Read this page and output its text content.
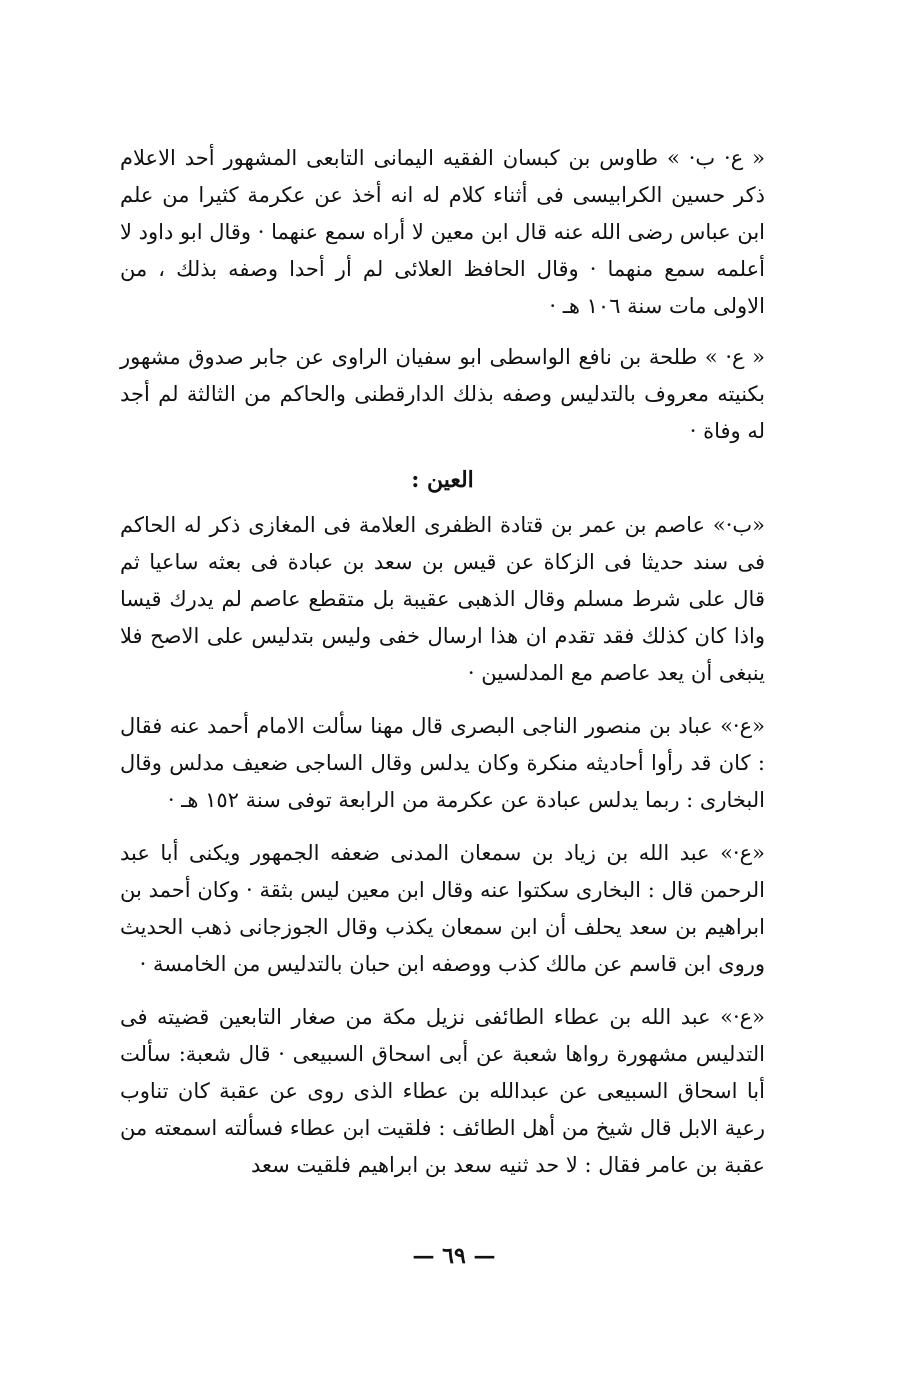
« ع· ب· » طاوس بن كبسان الفقيه اليمانى التابعى المشهور أحد الاعلام ذكر حسين الكرابيسى فى أثناء كلام له انه أخذ عن عكرمة كثيرا من علم ابن عباس رضى الله عنه قال ابن معين لا أراه سمع عنهما · وقال ابو داود لا أعلمه سمع منهما · وقال الحافظ العلائى لم أر أحدا وصفه بذلك ، من الاولى مات سنة ١٠٦ هـ ·

« ع· » طلحة بن نافع الواسطى ابو سفيان الراوى عن جابر صدوق مشهور بكنيته معروف بالتدليس وصفه بذلك الدارقطنى والحاكم من الثالثة لم أجد له وفاة ·

العين :

«ب·» عاصم بن عمر بن قتادة الظفرى العلامة فى المغازى ذكر له الحاكم فى سند حديثا فى الزكاة عن قيس بن سعد بن عبادة فى بعثه ساعيا ثم قال على شرط مسلم وقال الذهبى عقيبة بل متقطع عاصم لم يدرك قيسا واذا كان كذلك فقد تقدم ان هذا ارسال خفى وليس بتدليس على الاصح فلا ينبغى أن يعد عاصم مع المدلسين ·

«ع·» عباد بن منصور الناجى البصرى قال مهنا سألت الامام أحمد عنه فقال : كان قد رأوا أحاديثه منكرة وكان يدلس وقال الساجى ضعيف مدلس وقال البخارى : ربما يدلس عبادة عن عكرمة من الرابعة توفى سنة ١٥٢ هـ ·

«ع·» عبد الله بن زياد بن سمعان المدنى ضعفه الجمهور ويكنى أبا عبد الرحمن قال : البخارى سكتوا عنه وقال ابن معين ليس بثقة · وكان أحمد بن ابراهيم بن سعد يحلف أن ابن سمعان يكذب وقال الجوزجانى ذهب الحديث وروى ابن قاسم عن مالك كذب ووصفه ابن حبان بالتدليس من الخامسة ·

«ع·» عبد الله بن عطاء الطائفى نزيل مكة من صغار التابعين قضيته فى التدليس مشهورة رواها شعبة عن أبى اسحاق السبيعى · قال شعبة: سألت أبا اسحاق السبيعى عن عبدالله بن عطاء الذى روى عن عقبة كان تناوب رعية الابل قال شيخ من أهل الطائف : فلقيت ابن عطاء فسألته اسمعته من عقبة بن عامر فقال : لا حد ثنيه سعد بن ابراهيم فلقيت سعد

— ٦٩ —
